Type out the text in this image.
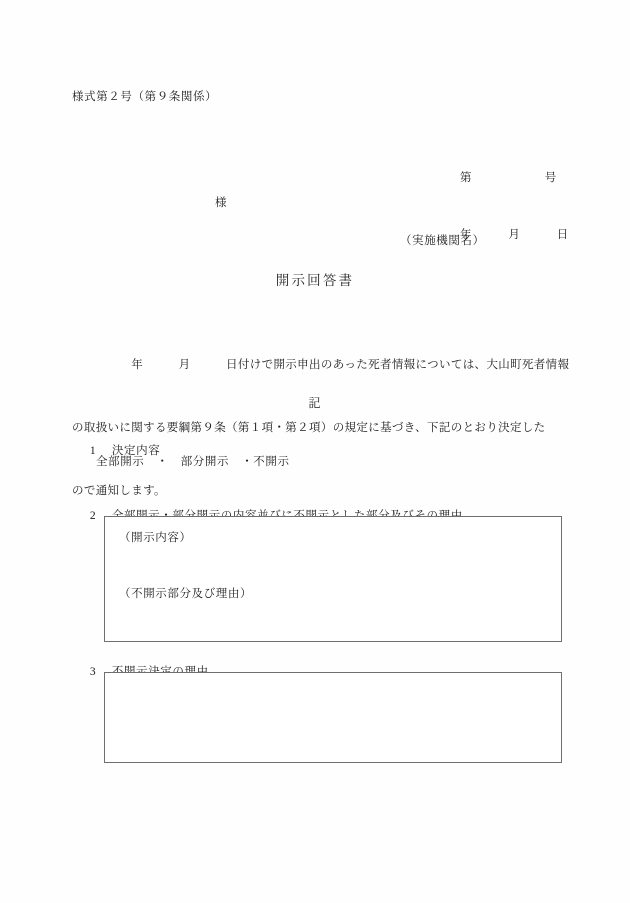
様式第２号（第９条関係）

第　　　　　　号

年　　　月　　　日

様
（実施機関名）
開示回答書

　　　　　年　　　月　　　日付けで開示申出のあった死者情報については、大山町死者情報

の取扱いに関する要綱第９条（第１項・第２項）の規定に基づき、下記のとおり決定した

ので通知します。

記

1 決定内容

全部開示　・　部分開示　・不開示

2

（開示内容）
（不開示部分及び理由）

3
